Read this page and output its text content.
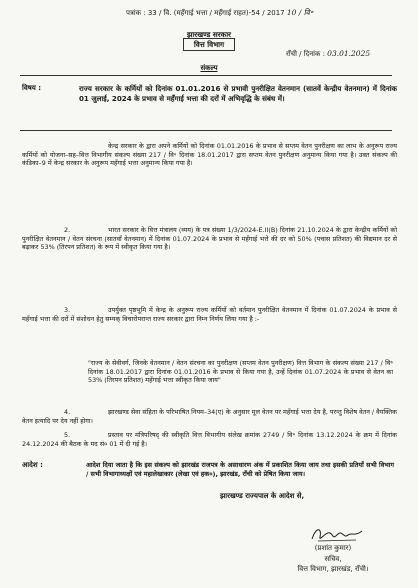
पत्रांक : 33 / वि. (महँगाई भत्ता / महँगाई राहत)-54 / 2017 10 / वि॰
झारखण्ड सरकार
वित्त विभाग
राँची / दिनांक : 03.01.2025
संकल्प
विषय :	राज्य सरकार के कर्मियों को दिनांक 01.01.2016 से प्रभावी पुनरीक्षित वेतनमान (सातवें केन्द्रीय वेतनमान) में दिनांक 01 जुलाई, 2024 के प्रभाव से महँगाई भत्ता की दरों में अभिवृद्धि के संबंध में।
केन्द्र सरकार के द्वारा अपने कर्मियों को दिनांक 01.01.2016 के प्रभाव से सप्तम वेतन पुनरीक्षण का लाभ के अनुरूप राज्य कर्मियों को योजना–सह–वित्त विभागीय संकल्प संख्या 217 / वि॰ दिनांक 18.01.2017 द्वारा सप्तम वेतन पुनरीक्षण अनुमान्य किया गया है। उक्त संकल्प की कंडिका–9 में केन्द्र सरकार के अनुरूप महँगाई भत्ता अनुमान्य किया गया है।
2.	भारत सरकार के वित्त मंत्रालय (व्यय) के पत्र संख्या 1/3/2024-E.II(B) दिनांक 21.10.2024 के द्वारा केन्द्रीय कर्मियों को पुनरीक्षित वेतनमान / वेतन संरचना (सातवाँ वेतनमान) में दिनांक 01.07.2024 के प्रभाव से महँगाई भत्ते की दर को 50% (पचास प्रतिशत) की विद्यमान दर से बढ़ाकर 53% (तिरपन प्रतिशत) के रूप में स्वीकृत किया गया है।
3.	उपर्युक्त पृष्ठभूमि में केन्द्र के अनुरूप राज्य कर्मियों को वर्तमान पुनरीक्षित वेतनमान में दिनांक 01.07.2024 के प्रभाव से महँगाई भत्ता की दरों में संशोधन हेतु सम्यक् विचारोपरान्त राज्य सरकार द्वारा निम्न निर्णय लिया गया है :-
"राज्य के सेवीवर्ग, जिनके वेतनमान / वेतन संरचना का पुनरीक्षण (सप्तम वेतन पुनरीक्षण) वित्त विभाग के संकल्प संख्या 217 / वि॰ दिनांक 18.01.2017 द्वारा दिनांक 01.01.2016 के प्रभाव से किया गया है, उन्हें दिनांक 01.07.2024 के प्रभाव से वेतन का 53% (तिरपन प्रतिशत) महँगाई भत्ता स्वीकृत किया जाय"
4.	झारखण्ड सेवा संहिता के परिभाषित नियम–34(ए) के अनुसार मूल वेतन पर महँगाई भत्ता देय है, परन्तु विशेष वेतन / वैयक्तिक वेतन इत्यादि पर देय नहीं होगा।
5.	प्रस्ताव पर मंत्रिपरिषद् की स्वीकृति वित्त विभागीय संलेख क्रमांक 2749 / वि॰ दिनांक 13.12.2024 के क्रम में दिनांक 24.12.2024 की बैठक के मद सं० 01 में दी गई है।
आदेश :	आदेश दिया जाता है कि इस संकल्प को झारखंड राजपत्र के असाधारण अंक में प्रकाशित किया जाय तथा इसकी प्रतियाँ सभी विभाग / सभी विभागाध्यक्षों एवं महालेखाकार (लेखा एवं हक०), झारखंड, राँची को प्रेषित किया जाय।
झारखण्ड राज्यपाल के आदेश से,
(प्रशांत कुमार)
सचिव,
वित्त विभाग, झारखंड, राँची।
